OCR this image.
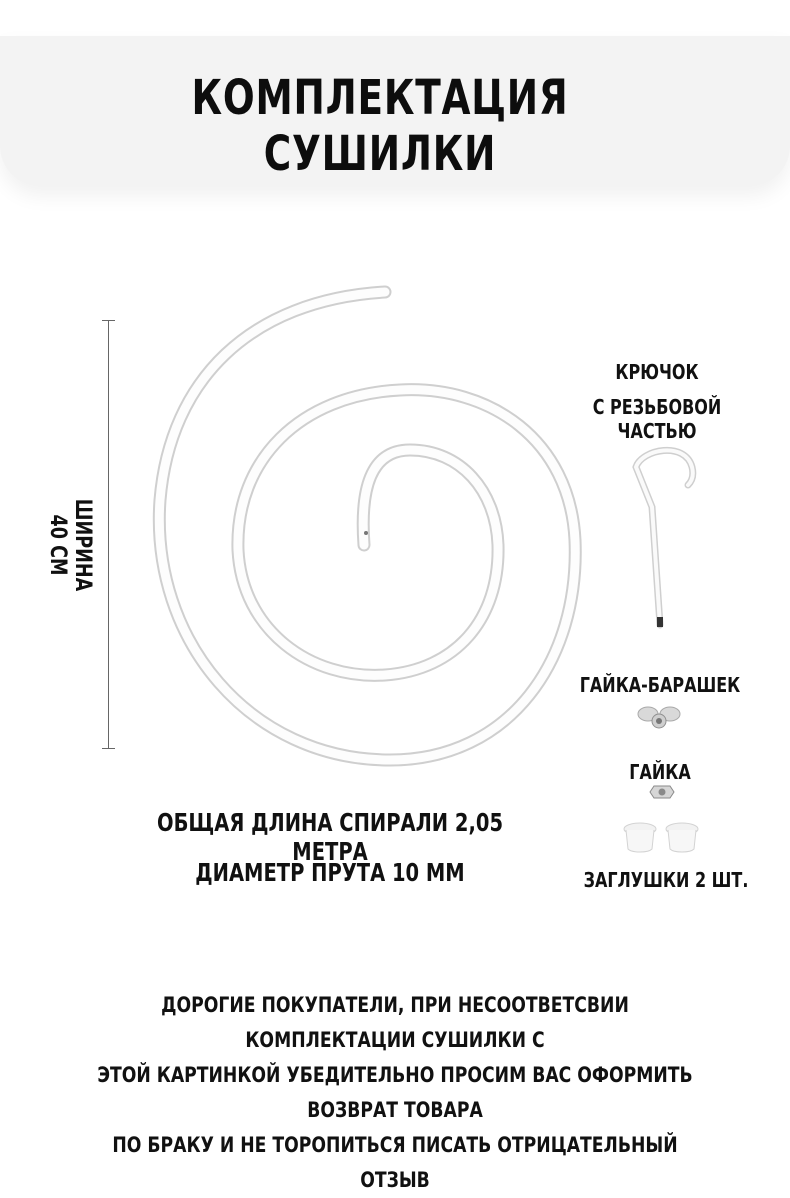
КОМПЛЕКТАЦИЯ СУШИЛКИ
ШИРИНА 40 СМ
ОБЩАЯ ДЛИНА СПИРАЛИ 2,05 МЕТРА
ДИАМЕТР ПРУТА 10 ММ
КРЮЧОК
С РЕЗЬБОВОЙ ЧАСТЬЮ
ГАЙКА-БАРАШЕК
ГАЙКА
ЗАГЛУШКИ 2 ШТ.
ДОРОГИЕ ПОКУПАТЕЛИ, ПРИ НЕСООТВЕТСВИИ КОМПЛЕКТАЦИИ СУШИЛКИ С
ЭТОЙ КАРТИНКОЙ УБЕДИТЕЛЬНО ПРОСИМ ВАС ОФОРМИТЬ ВОЗВРАТ ТОВАРА
ПО БРАКУ И НЕ ТОРОПИТЬСЯ ПИСАТЬ ОТРИЦАТЕЛЬНЫЙ ОТЗЫВ
